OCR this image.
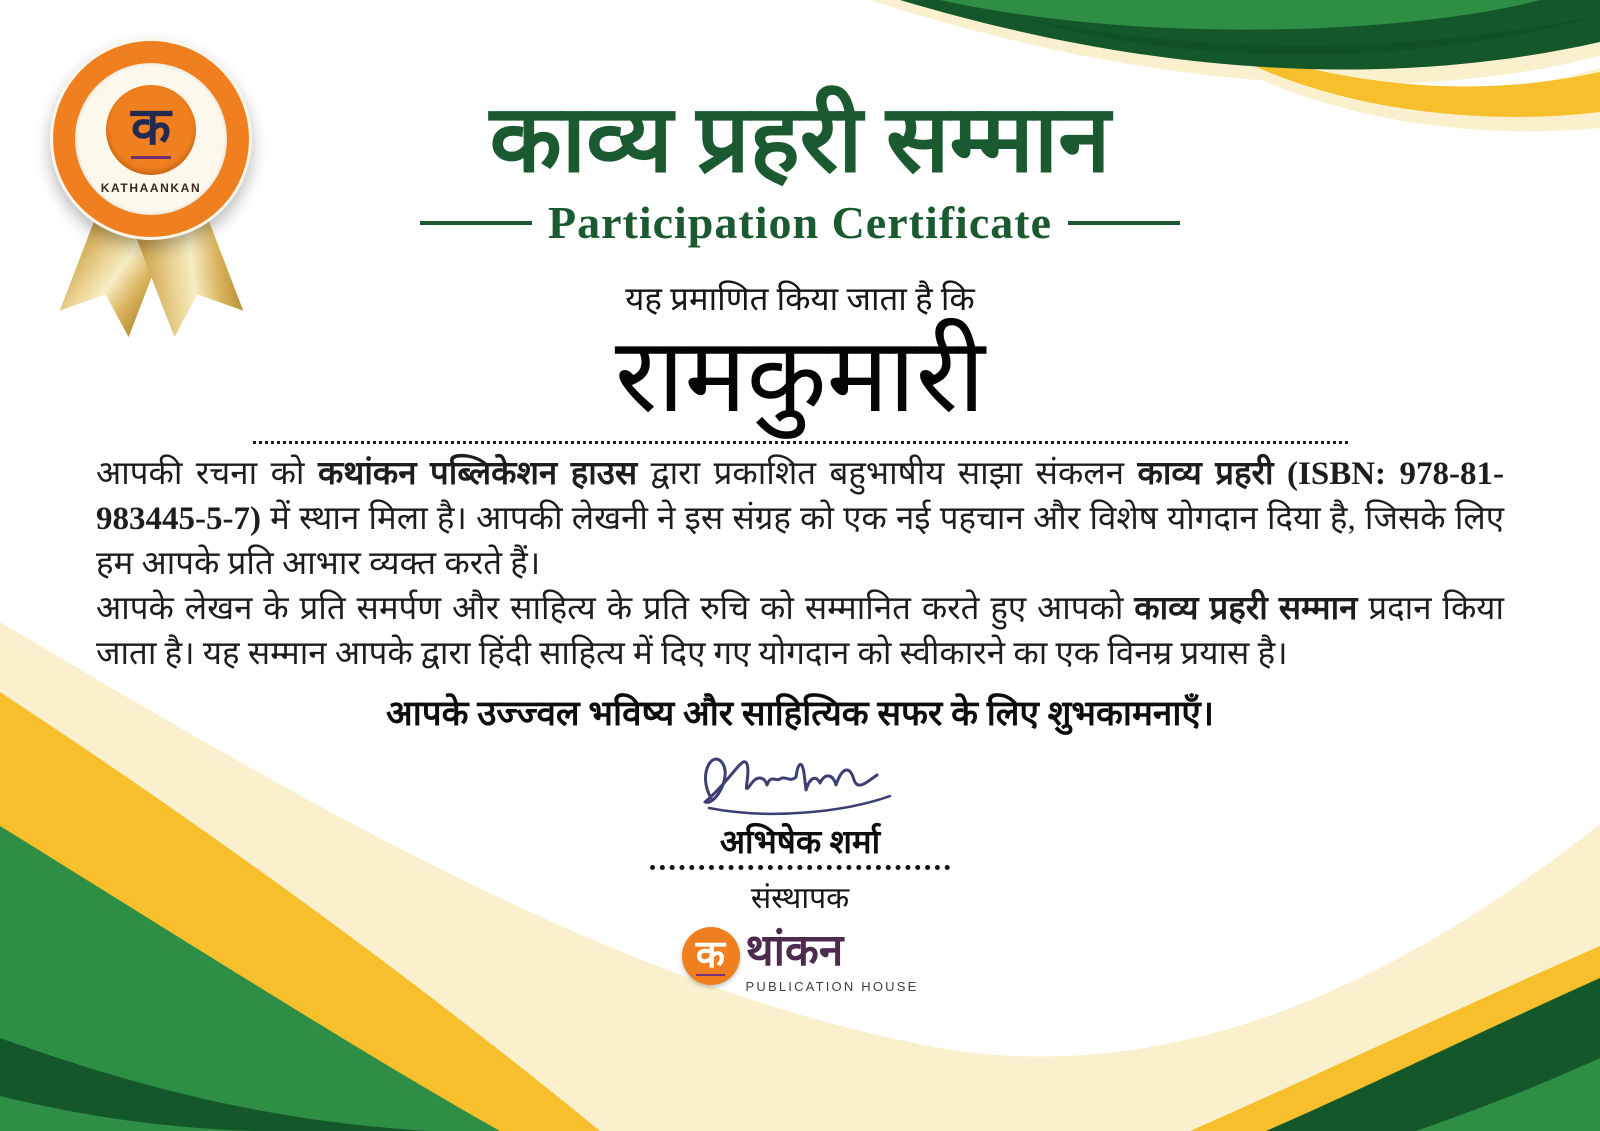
क
KATHAANKAN	काव्य प्रहरी सम्मान
Participation Certificate
यह प्रमाणित किया जाता है कि
रामकुमारी
आपकी रचना को कथांकन पब्लिकेशन हाउस द्वारा प्रकाशित बहुभाषीय साझा संकलन काव्य प्रहरी (ISBN: 978-81-983445-5-7) में स्थान मिला है। आपकी लेखनी ने इस संग्रह को एक नई पहचान और विशेष योगदान दिया है, जिसके लिए हम आपके प्रति आभार व्यक्त करते हैं।
आपके लेखन के प्रति समर्पण और साहित्य के प्रति रुचि को सम्मानित करते हुए आपको काव्य प्रहरी सम्मान प्रदान किया जाता है। यह सम्मान आपके द्वारा हिंदी साहित्य में दिए गए योगदान को स्वीकारने का एक विनम्र प्रयास है।
आपके उज्ज्वल भविष्य और साहित्यिक सफर के लिए शुभकामनाएँ।
अभिषेक शर्मा
संस्थापक
क थांकन
PUBLICATION HOUSE
